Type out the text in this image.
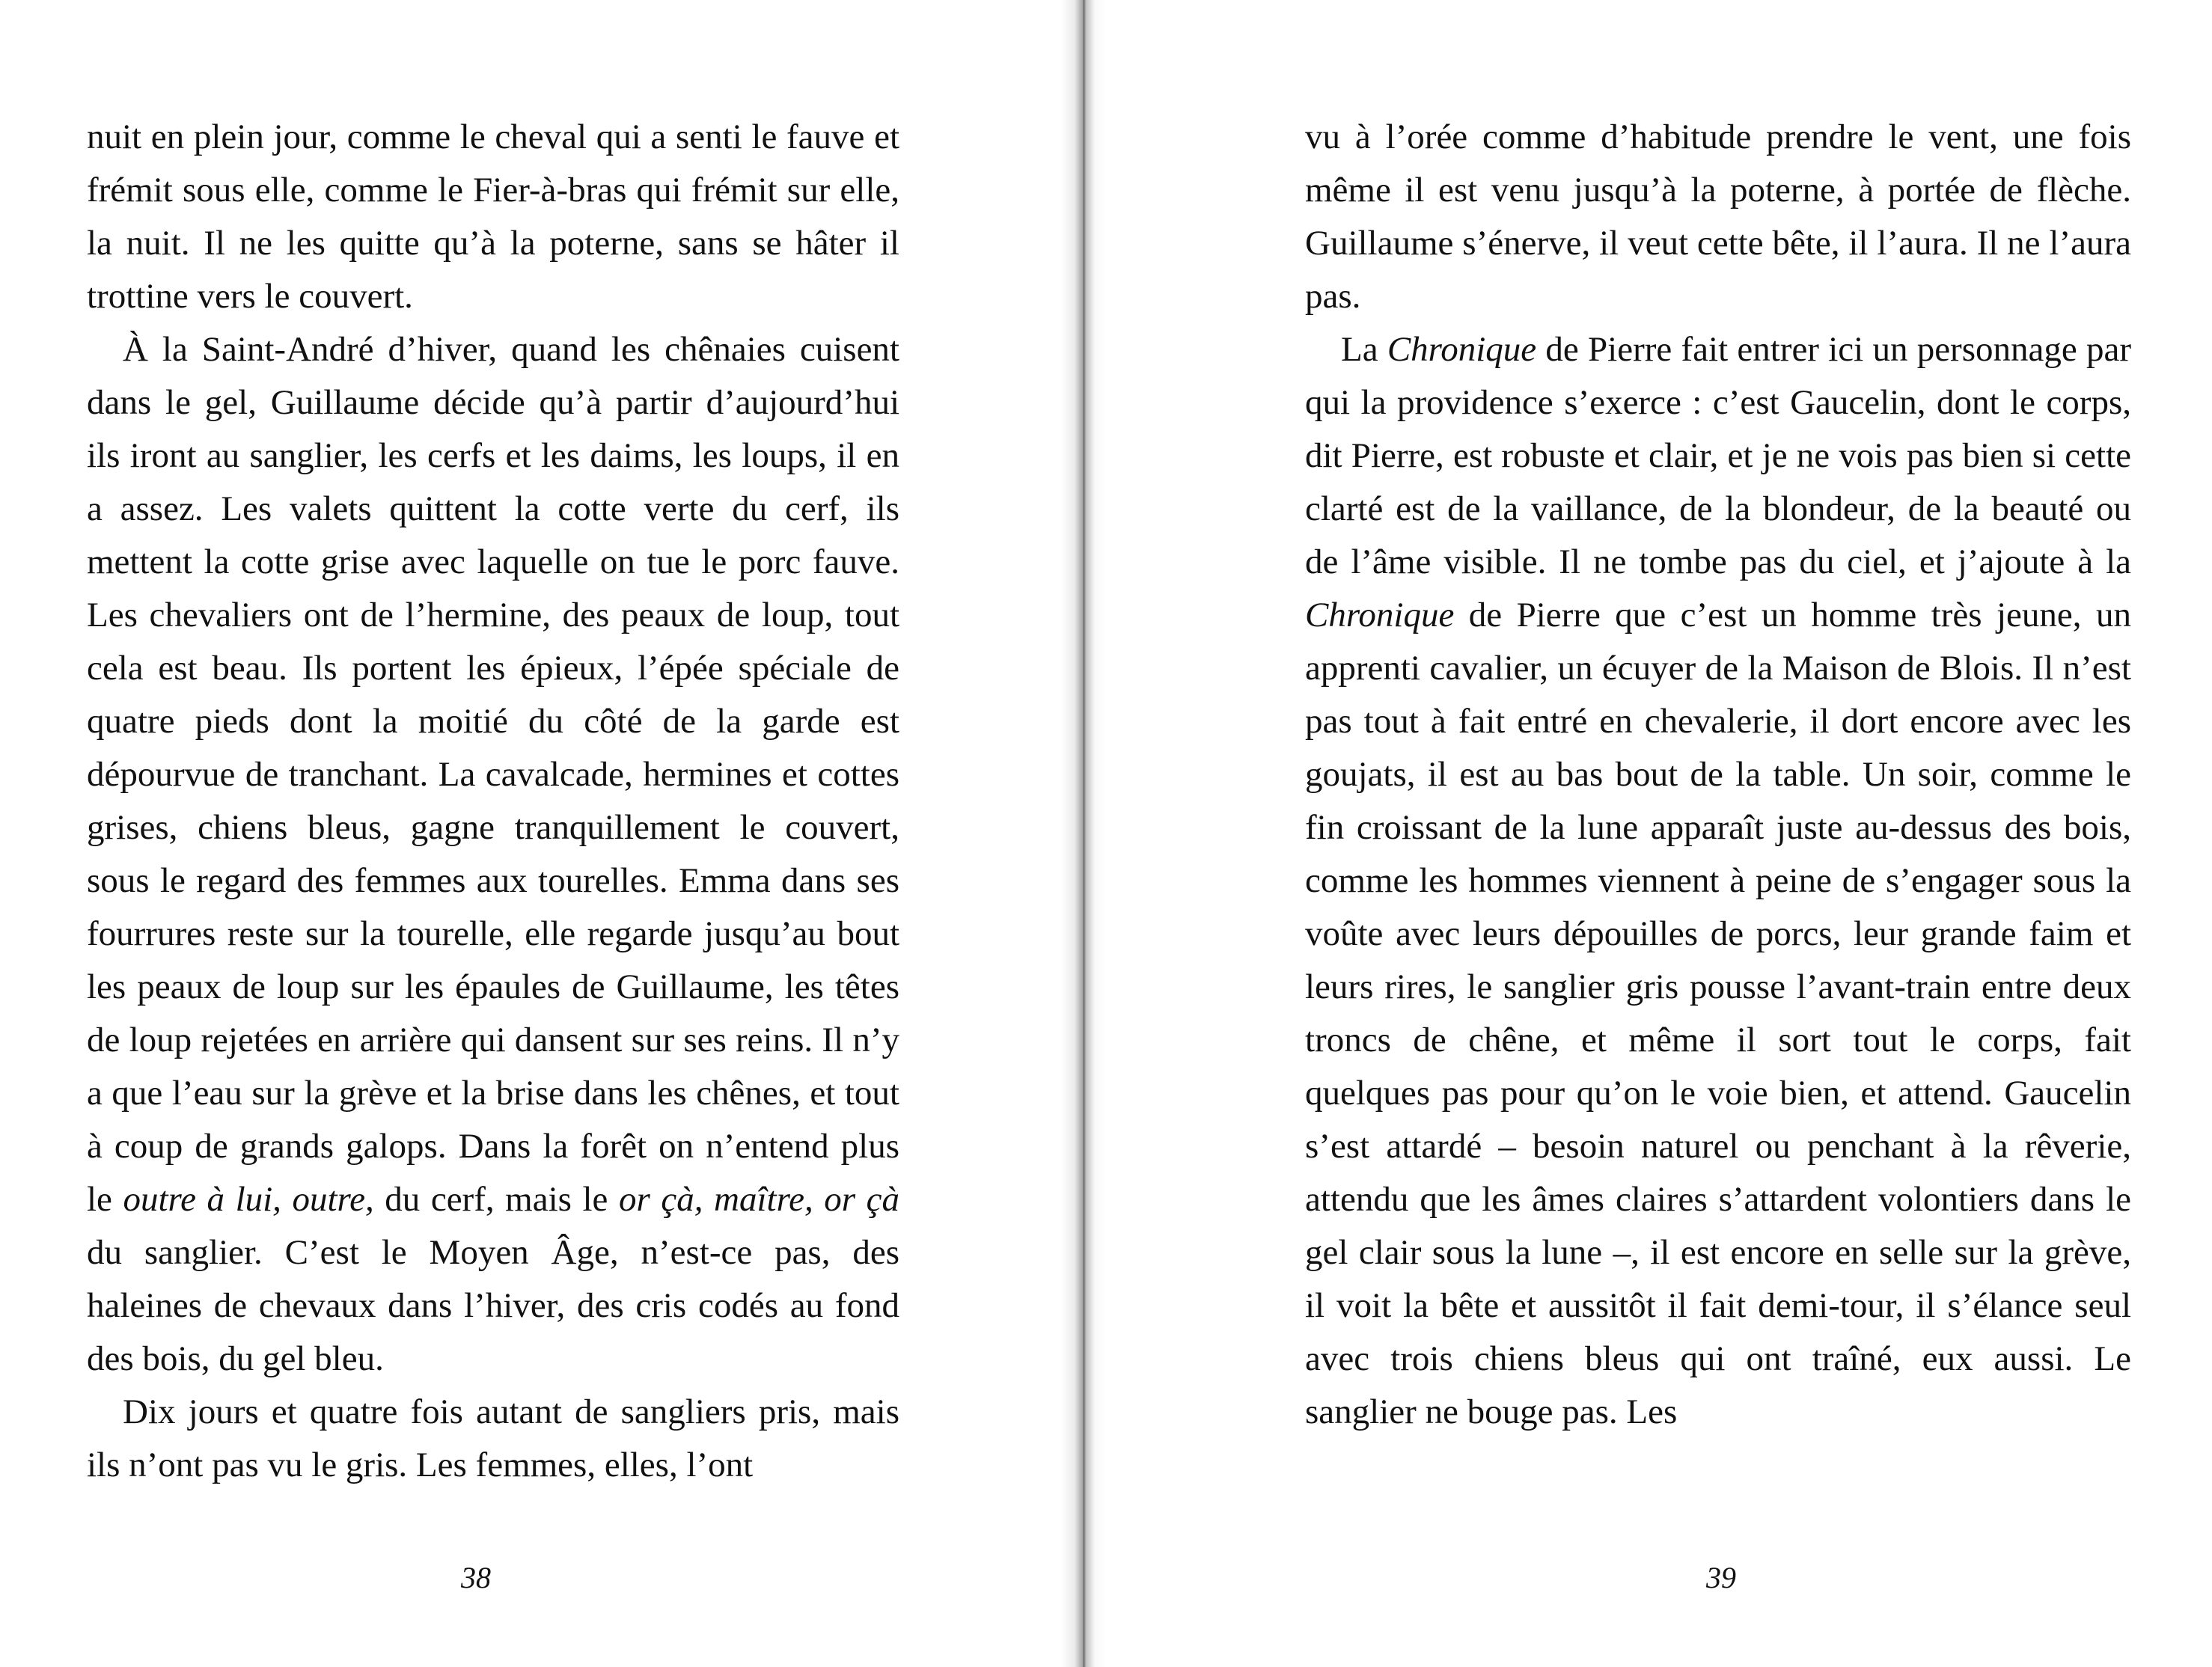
nuit en plein jour, comme le cheval qui a senti le fauve et frémit sous elle, comme le Fier-à-bras qui frémit sur elle, la nuit. Il ne les quitte qu’à la poterne, sans se hâter il trottine vers le couvert.

À la Saint-André d’hiver, quand les chênaies cuisent dans le gel, Guillaume décide qu’à partir d’aujourd’hui ils iront au sanglier, les cerfs et les daims, les loups, il en a assez. Les valets quittent la cotte verte du cerf, ils mettent la cotte grise avec laquelle on tue le porc fauve. Les chevaliers ont de l’hermine, des peaux de loup, tout cela est beau. Ils portent les épieux, l’épée spéciale de quatre pieds dont la moitié du côté de la garde est dépourvue de tranchant. La cavalcade, hermines et cottes grises, chiens bleus, gagne tranquillement le couvert, sous le regard des femmes aux tourelles. Emma dans ses fourrures reste sur la tourelle, elle regarde jusqu’au bout les peaux de loup sur les épaules de Guillaume, les têtes de loup rejetées en arrière qui dansent sur ses reins. Il n’y a que l’eau sur la grève et la brise dans les chênes, et tout à coup de grands galops. Dans la forêt on n’entend plus le outre à lui, outre, du cerf, mais le or çà, maître, or çà du sanglier. C’est le Moyen Âge, n’est-ce pas, des haleines de chevaux dans l’hiver, des cris codés au fond des bois, du gel bleu.

Dix jours et quatre fois autant de sangliers pris, mais ils n’ont pas vu le gris. Les femmes, elles, l’ont

38

vu à l’orée comme d’habitude prendre le vent, une fois même il est venu jusqu’à la poterne, à portée de flèche. Guillaume s’énerve, il veut cette bête, il l’aura. Il ne l’aura pas.

La Chronique de Pierre fait entrer ici un personnage par qui la providence s’exerce : c’est Gaucelin, dont le corps, dit Pierre, est robuste et clair, et je ne vois pas bien si cette clarté est de la vaillance, de la blondeur, de la beauté ou de l’âme visible. Il ne tombe pas du ciel, et j’ajoute à la Chronique de Pierre que c’est un homme très jeune, un apprenti cavalier, un écuyer de la Maison de Blois. Il n’est pas tout à fait entré en chevalerie, il dort encore avec les goujats, il est au bas bout de la table. Un soir, comme le fin croissant de la lune apparaît juste au-dessus des bois, comme les hommes viennent à peine de s’engager sous la voûte avec leurs dépouilles de porcs, leur grande faim et leurs rires, le sanglier gris pousse l’avant-train entre deux troncs de chêne, et même il sort tout le corps, fait quelques pas pour qu’on le voie bien, et attend. Gaucelin s’est attardé – besoin naturel ou penchant à la rêverie, attendu que les âmes claires s’attardent volontiers dans le gel clair sous la lune –, il est encore en selle sur la grève, il voit la bête et aussitôt il fait demi-tour, il s’élance seul avec trois chiens bleus qui ont traîné, eux aussi. Le sanglier ne bouge pas. Les

39
